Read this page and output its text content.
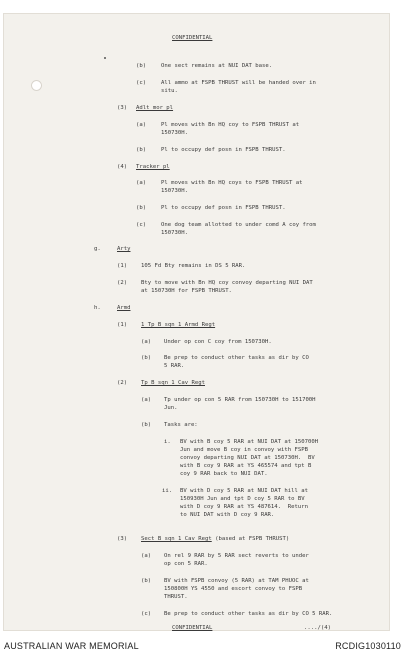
CONFIDENTIAL
(b)	One sect remains at NUI DAT base.
(c)	All ammo at FSPB THRUST will be handed over in
situ.
(3) Adlt mor pl
(a)	Pl moves with Bn HQ coy to FSPB THRUST at
150730H.
(b)	Pl to occupy def posn in FSPB THRUST.
(4) Tracker pl
(a)	Pl moves with Bn HQ coys to FSPB THRUST at
150730H.
(b)	Pl to occupy def posn in FSPB THRUST.
(c)	One dog team allotted to under comd A coy from
150730H.
g.	Arty
(1) 105 Fd Bty remains in DS 5 RAR.
(2) Bty to move with Bn HQ coy convoy departing NUI DAT
at 150730H for FSPB THRUST.
h.	Armd
(1) 1 Tp B sqn 1 Armd Regt
(a) Under op con C coy from 150730H.
(b) Be prep to conduct other tasks as dir by CO
5 RAR.
(2) Tp B sqn 1 Cav Regt
(a) Tp under op con 5 RAR from 150730H to 151700H
Jun.
(b) Tasks are:
i. BV with B coy 5 RAR at NUI DAT at 150700H
Jun and move B coy in convoy with FSPB
convoy departing NUI DAT at 150730H.  BV
with B coy 9 RAR at YS 465574 and tpt B
coy 9 RAR back to NUI DAT.
ii. BV with D coy 5 RAR at NUI DAT hill at
150930H Jun and tpt D coy 5 RAR to BV
with D coy 9 RAR at YS 487614.  Return
to NUI DAT with D coy 9 RAR.
(3) Sect B sqn 1 Cav Regt (based at FSPB THRUST)
(a) On rel 9 RAR by 5 RAR sect reverts to under
op con 5 RAR.
(b) BV with FSPB convoy (5 RAR) at TAM PHUOC at
150800H YS 4550 and escort convoy to FSPB
THRUST.
(c) Be prep to conduct other tasks as dir by CO 5 RAR.
CONFIDENTIAL	..../(4)
AUSTRALIAN WAR MEMORIAL	RCDIG1030110
